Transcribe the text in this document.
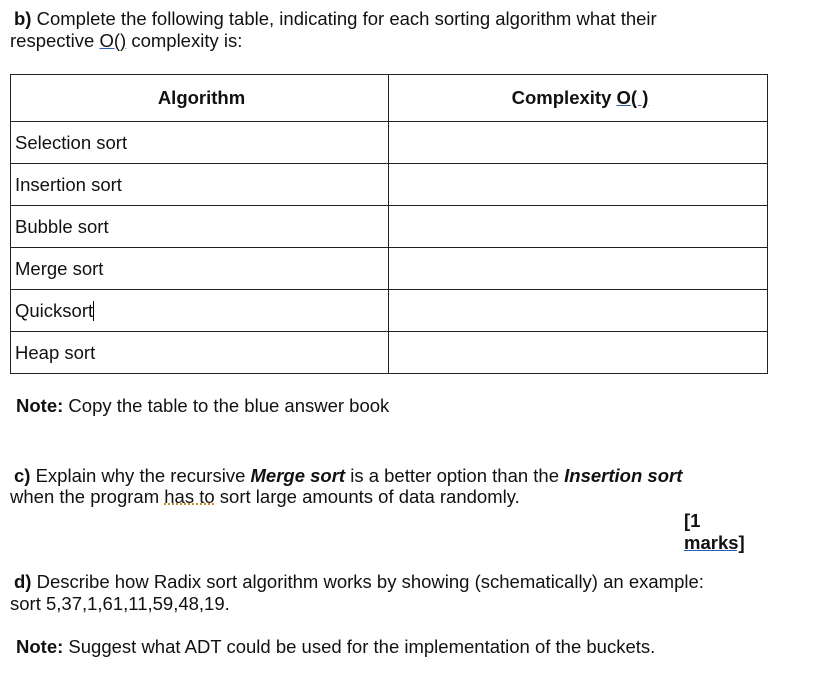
b) Complete the following table, indicating for each sorting algorithm what their
respective O() complexity is:
Algorithm	Complexity O( )
Selection sort	
Insertion sort	
Bubble sort	
Merge sort	
Quicksort	
Heap sort	
Note: Copy the table to the blue answer book
c) Explain why the recursive Merge sort is a better option than the Insertion sort
when the program has to sort large amounts of data randomly.
[1
marks]
d) Describe how Radix sort algorithm works by showing (schematically) an example:
sort 5,37,1,61,11,59,48,19.
Note: Suggest what ADT could be used for the implementation of the buckets.
